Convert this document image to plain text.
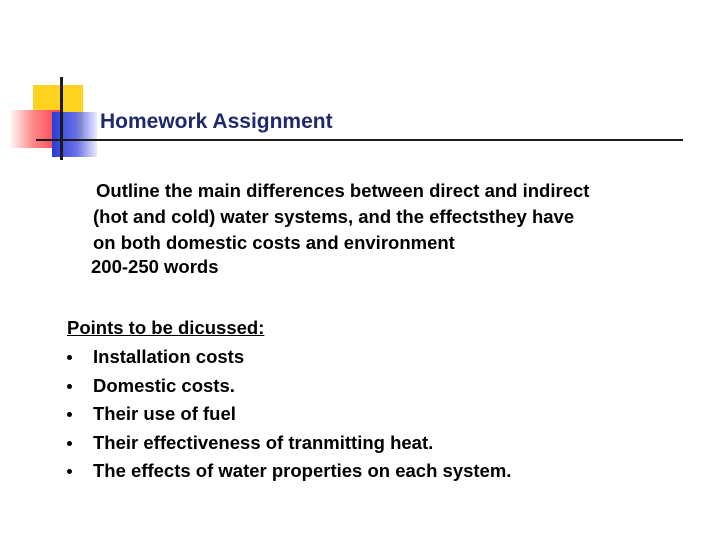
Homework Assignment
Outline the main differences between direct and indirect
(hot and cold) water systems, and the effectsthey have
on both domestic costs and environment
200-250 words
Points to be dicussed:
Installation costs
Domestic costs.
Their use of fuel
Their effectiveness of tranmitting heat.
The effects of water properties on each system.
